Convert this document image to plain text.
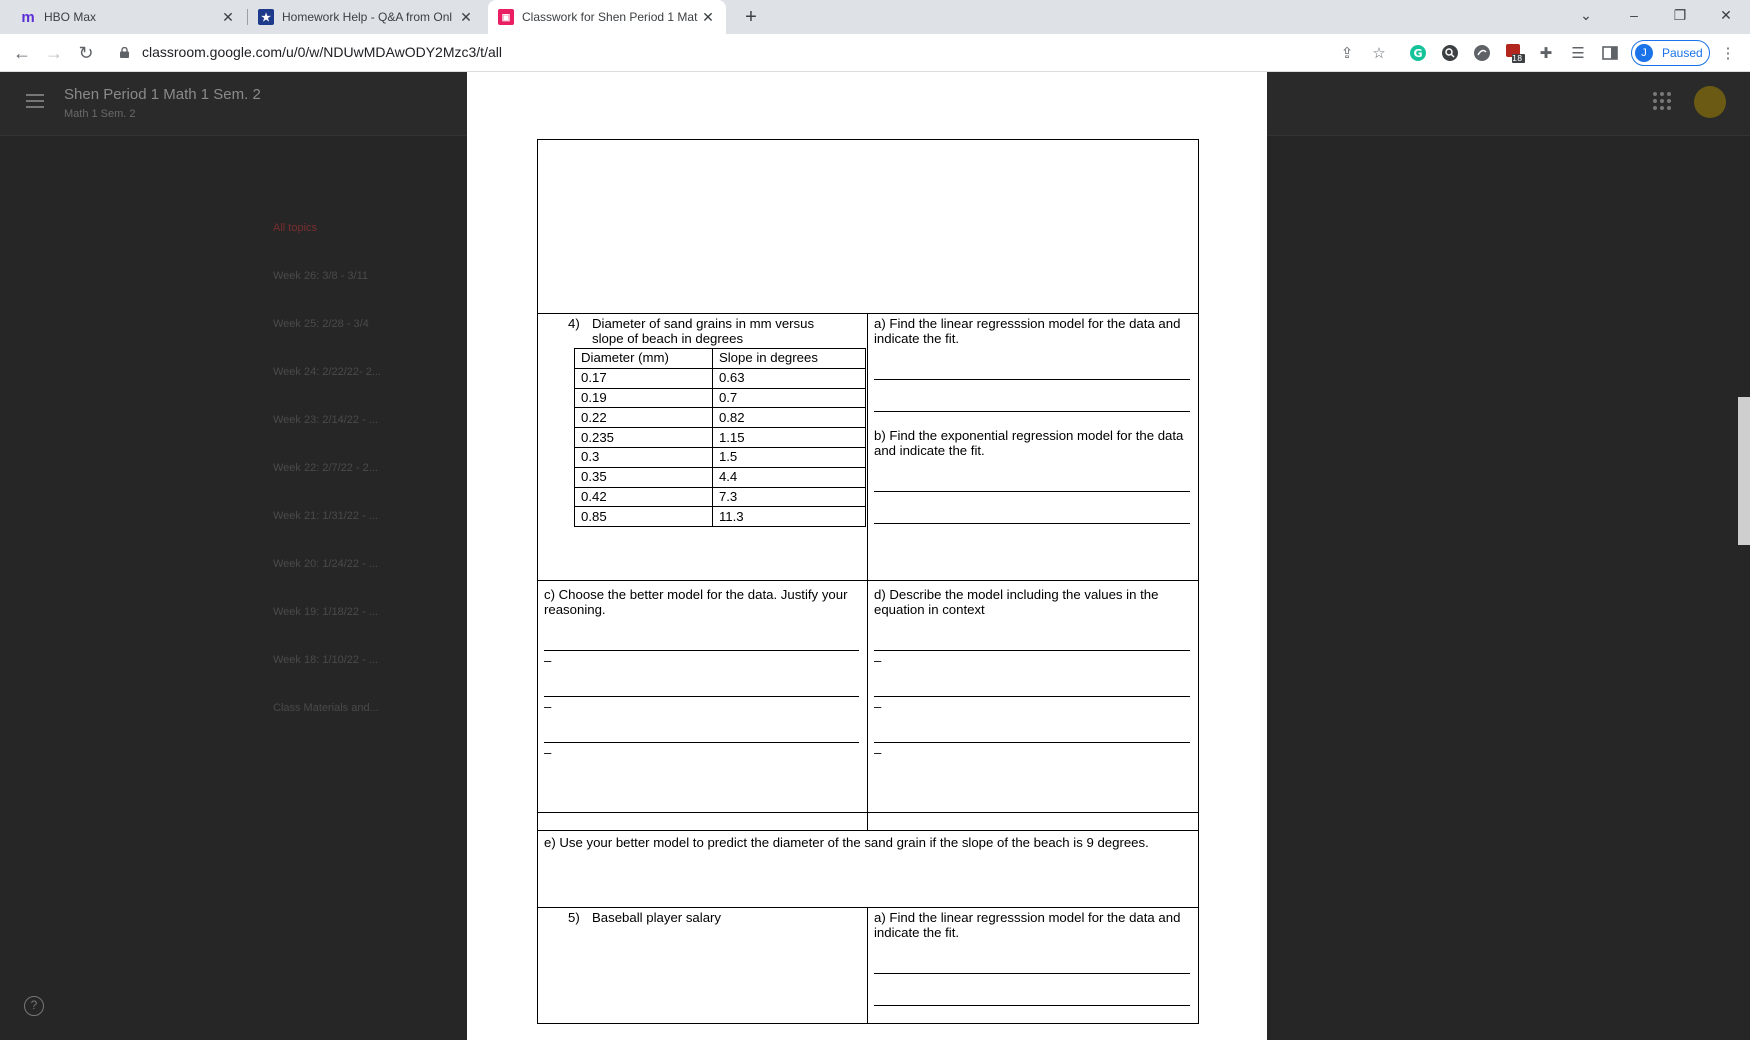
m HBO Max	✕ ★ Homework Help - Q&A from Onl ✕	▣ Classwork for Shen Period 1 Mat ✕	+	⌄	–	❐	✕
← → ↻	classroom.google.com/u/0/w/NDUwMDAwODY2Mzc3/t/all	⇪	☆	G	18	✚	☰	J	Paused ⋮
Shen Period 1 Math 1 Sem. 2
Math 1 Sem. 2
All topics
Week 26: 3/8 - 3/11
Week 25: 2/28 - 3/4
Week 24: 2/22/22- 2...
Week 23: 2/14/22 - ...
Week 22: 2/7/22 - 2...
Week 21: 1/31/22 - ...
Week 20: 1/24/22 - ...
Week 19: 1/18/22 - ...
Week 18: 1/10/22 - ...
Class Materials and...
?

4) Diameter of sand grains in mm versus
slope of beach in degrees
Diameter (mm)	Slope in degrees
0.17	0.63
0.19	0.7
0.22	0.82
0.235	1.15
0.3	1.5
0.35	4.4
0.42	7.3
0.85	11.3

a) Find the linear regresssion model for the data and indicate the fit.
b) Find the exponential regression model for the data and indicate the fit.

c) Choose the better model for the data. Justify your reasoning.
–
–
–

d) Describe the model including the values in the equation in context
–
–
–

e) Use your better model to predict the diameter of the sand grain if the slope of the beach is 9 degrees.

5) Baseball player salary	a) Find the linear regresssion model for the data and indicate the fit.
